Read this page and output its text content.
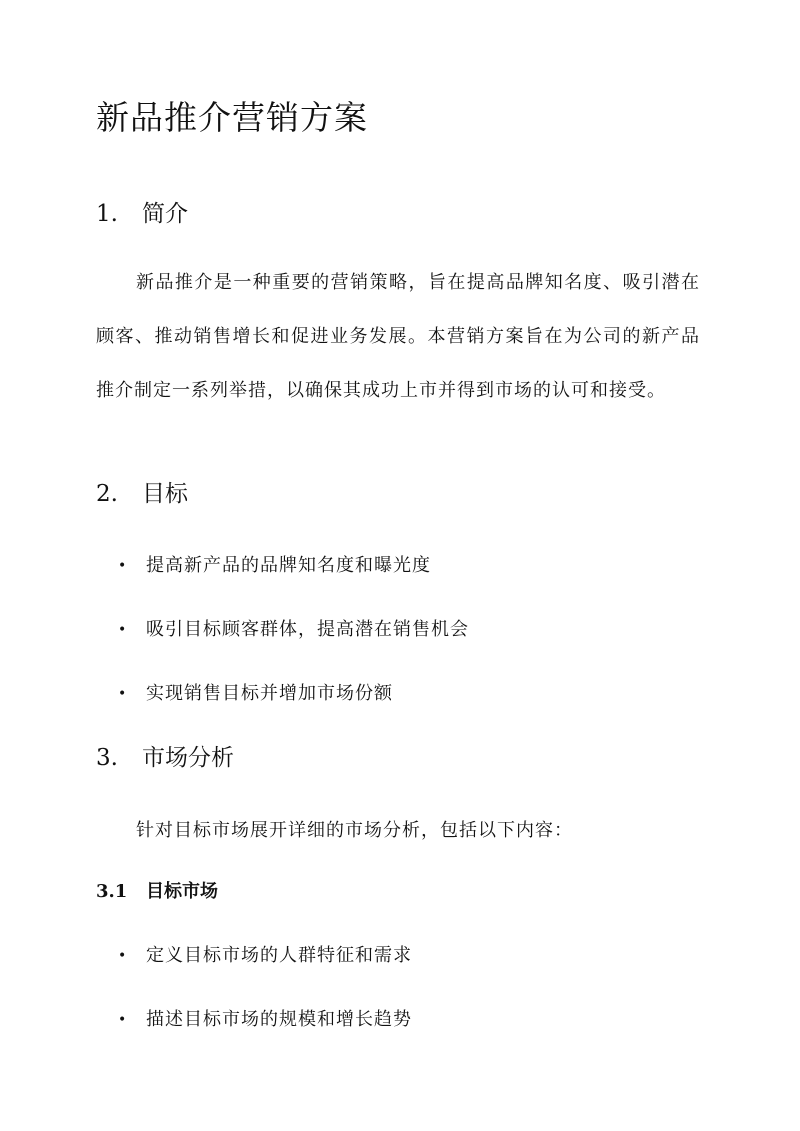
新品推介营销方案
1. 简介

新品推介是一种重要的营销策略，旨在提高品牌知名度、吸引潜在顾客、推动销售增长和促进业务发展。本营销方案旨在为公司的新产品推介制定一系列举措，以确保其成功上市并得到市场的认可和接受。

2. 目标
• 提高新产品的品牌知名度和曝光度
• 吸引目标顾客群体，提高潜在销售机会
• 实现销售目标并增加市场份额
3. 市场分析

针对目标市场展开详细的市场分析，包括以下内容：

3.1 目标市场
• 定义目标市场的人群特征和需求
• 描述目标市场的规模和增长趋势
